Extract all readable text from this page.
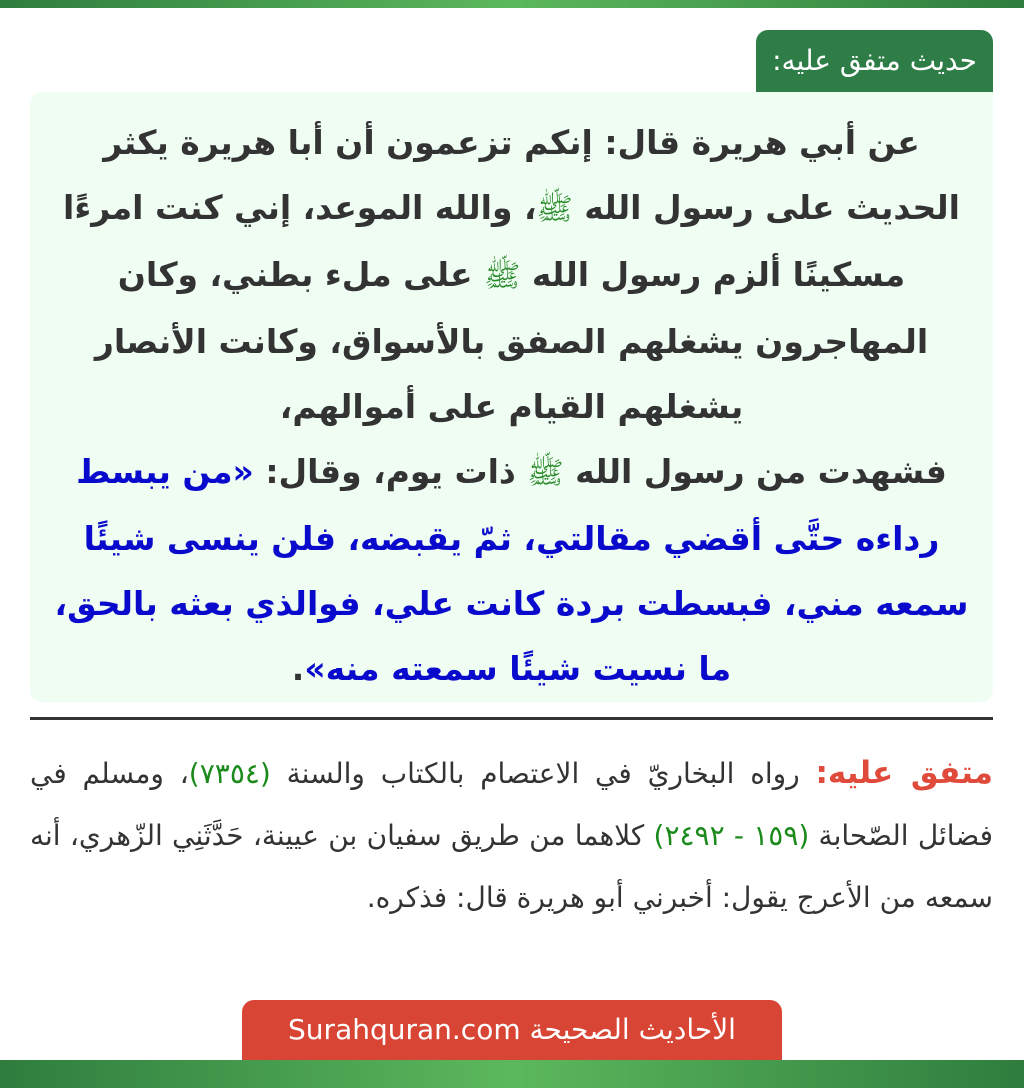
حديث متفق عليه:
عن أبي هريرة قال: إنكم تزعمون أن أبا هريرة يكثر الحديث على رسول الله ﷺ، والله الموعد، إني كنت امرءًا مسكينًا ألزم رسول الله ﷺ على ملء بطني، وكان المهاجرون يشغلهم الصفق بالأسواق، وكانت الأنصار يشغلهم القيام على أموالهم،
فشهدت من رسول الله ﷺ ذات يوم، وقال: «من يبسط رداءه حتَّى أقضي مقالتي، ثمّ يقبضه، فلن ينسى شيئًا سمعه مني، فبسطت بردة كانت علي، فوالذي بعثه بالحق، ما نسيت شيئًا سمعته منه».
متفق عليه: رواه البخاريّ في الاعتصام بالكتاب والسنة (٧٣٥٤)، ومسلم في فضائل الصّحابة (١٥٩ - ٢٤٩٢) كلاهما من طريق سفيان بن عيينة، حَدَّثَنِي الزّهري، أنه سمعه من الأعرج يقول: أخبرني أبو هريرة قال: فذكره.
الأحاديث الصحيحة Surahquran.com
